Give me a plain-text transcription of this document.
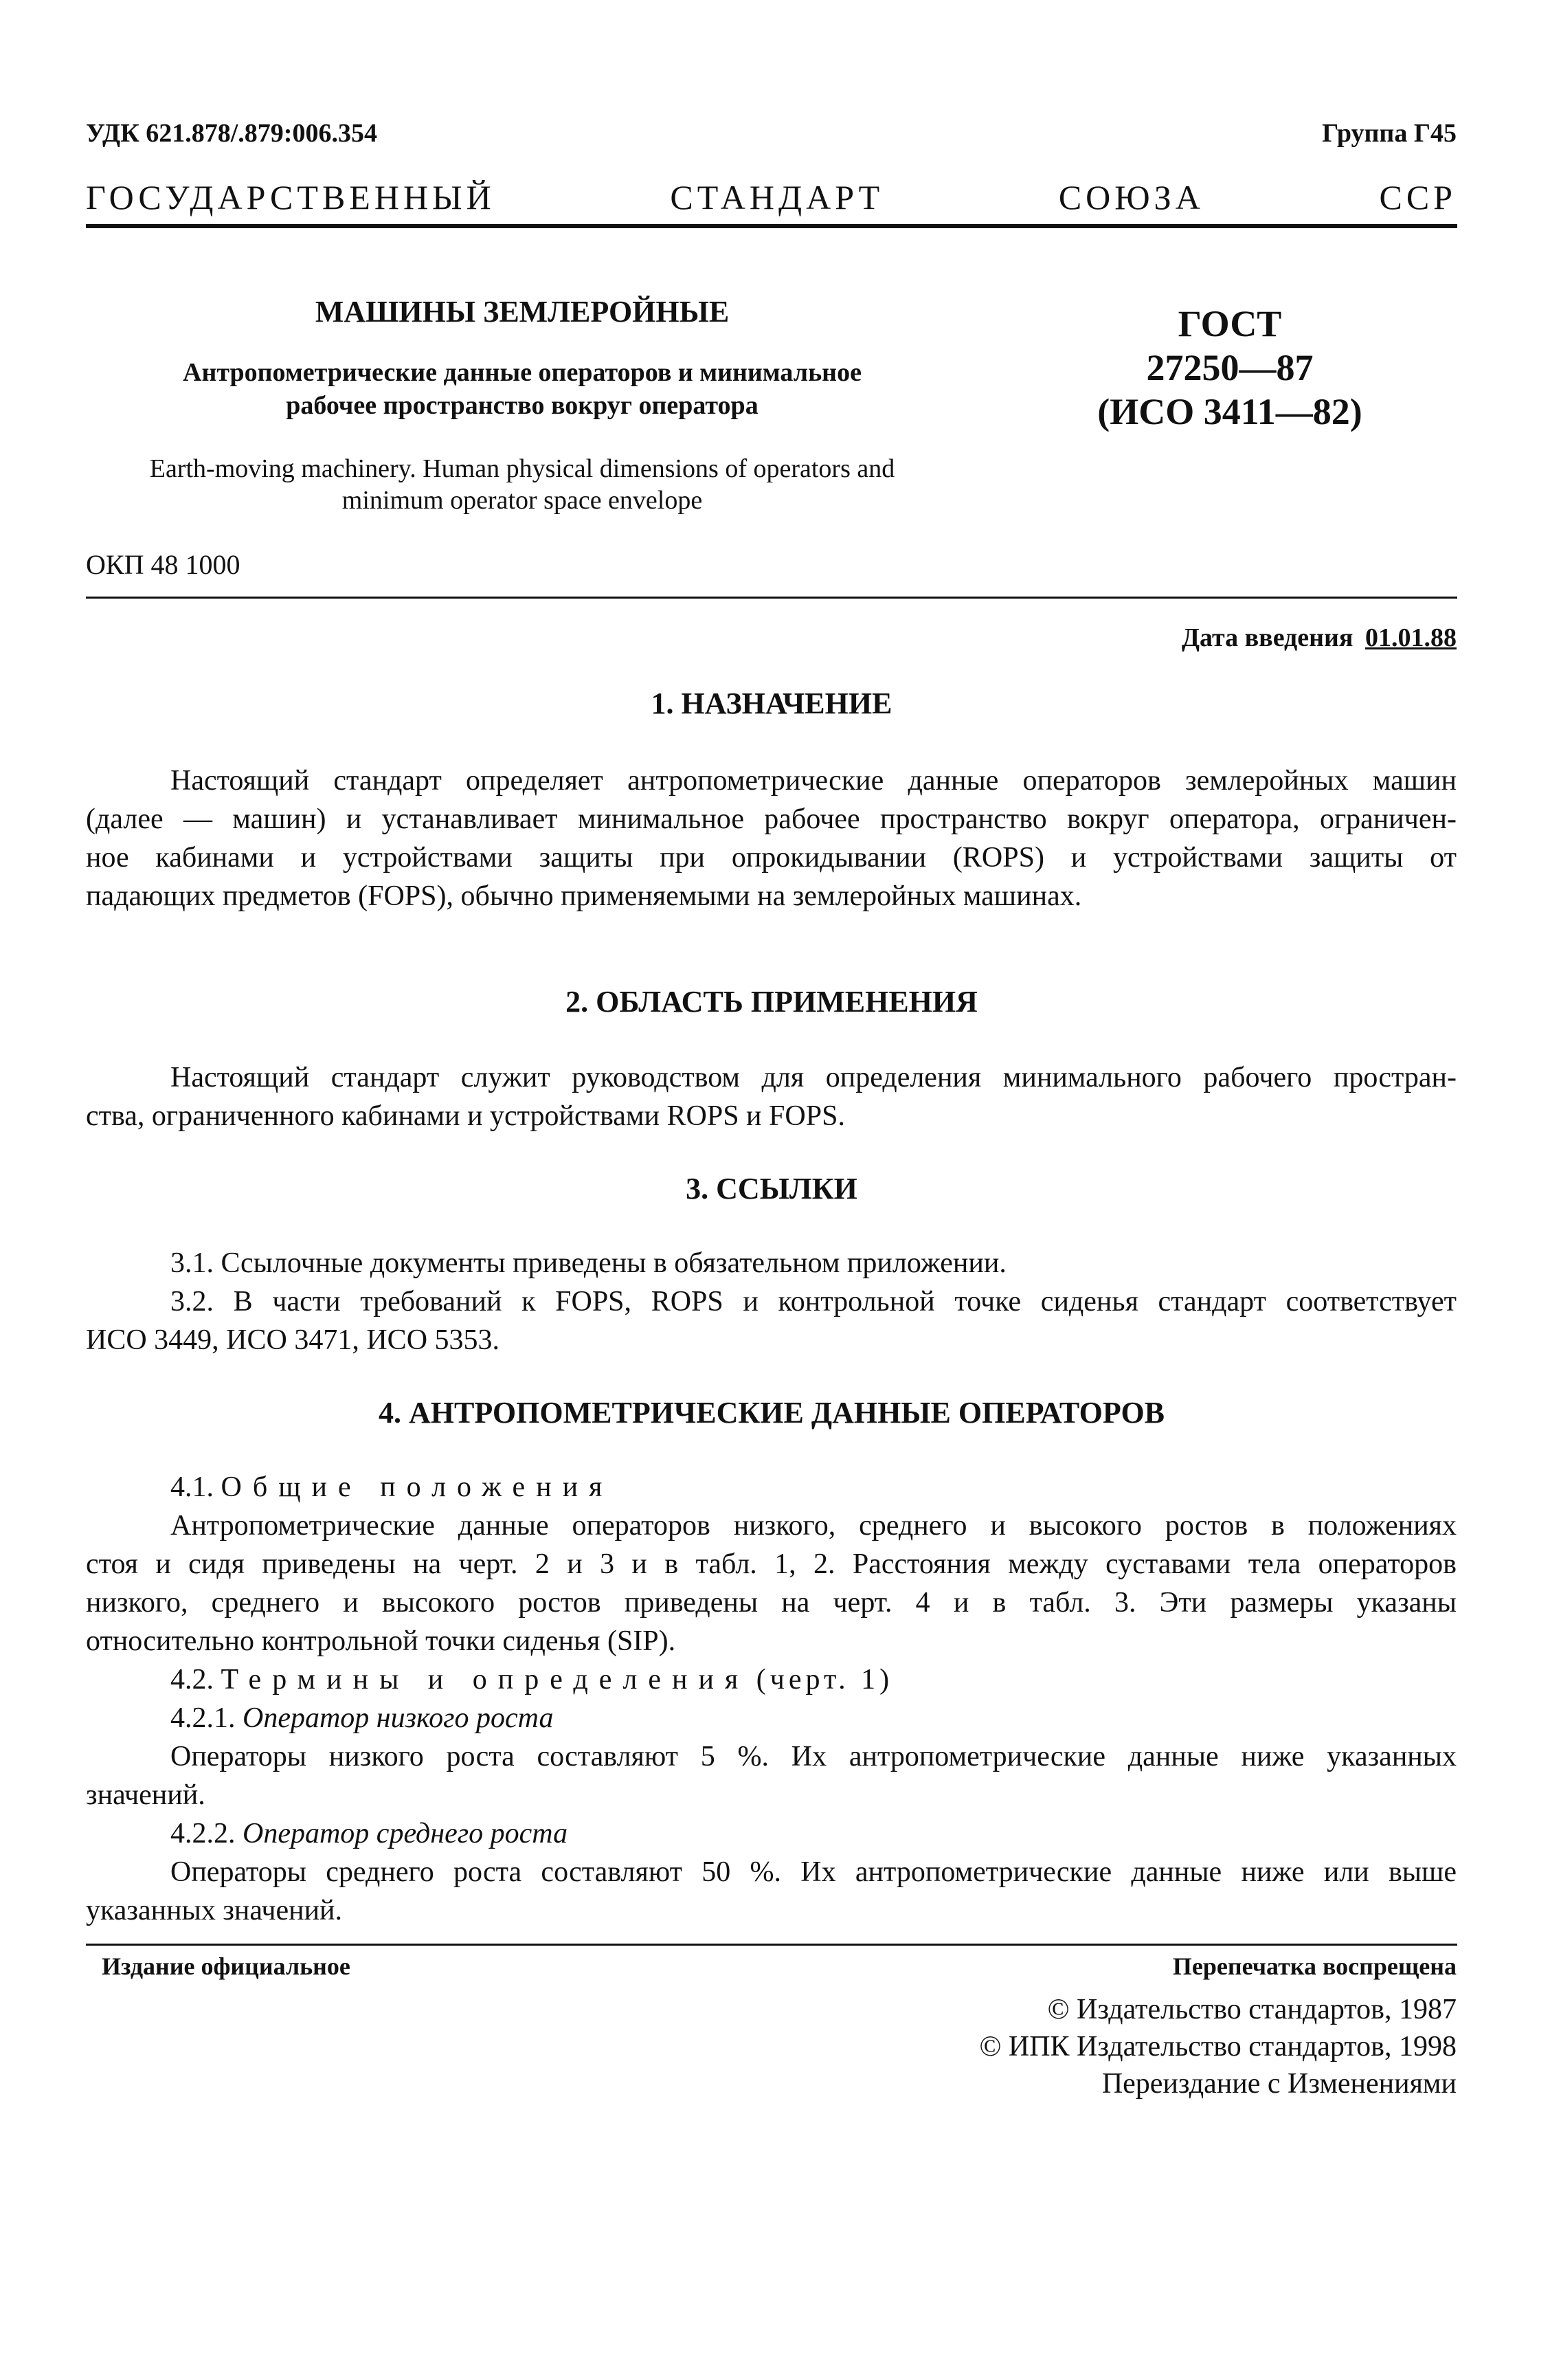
УДК 621.878/.879:006.354	Группа Г45
ГОСУДАРСТВЕННЫЙ СТАНДАРТ СОЮЗА ССР
МАШИНЫ ЗЕМЛЕРОЙНЫЕ
Антропометрические данные операторов и минимальное
рабочее пространство вокруг оператора
Earth-moving machinery. Human physical dimensions of operators and
minimum operator space envelope
ОКП 48 1000
ГОСТ
27250—87
(ИСО 3411—82)
Дата введения 01.01.88
1. НАЗНАЧЕНИЕ
Настоящий стандарт определяет антропометрические данные операторов землеройных машин
(далее — машин) и устанавливает минимальное рабочее пространство вокруг оператора, ограничен-
ное кабинами и устройствами защиты при опрокидывании (ROPS) и устройствами защиты от
падающих предметов (FOPS), обычно применяемыми на землеройных машинах.
2. ОБЛАСТЬ ПРИМЕНЕНИЯ
Настоящий стандарт служит руководством для определения минимального рабочего простран-
ства, ограниченного кабинами и устройствами ROPS и FOPS.
3. ССЫЛКИ
3.1. Ссылочные документы приведены в обязательном приложении.
3.2. В части требований к FOPS, ROPS и контрольной точке сиденья стандарт соответствует
ИСО 3449, ИСО 3471, ИСО 5353.
4. АНТРОПОМЕТРИЧЕСКИЕ ДАННЫЕ ОПЕРАТОРОВ
4.1. Общие положения
Антропометрические данные операторов низкого, среднего и высокого ростов в положениях
стоя и сидя приведены на черт. 2 и 3 и в табл. 1, 2. Расстояния между суставами тела операторов
низкого, среднего и высокого ростов приведены на черт. 4 и в табл. 3. Эти размеры указаны
относительно контрольной точки сиденья (SIP).
4.2. Термины и определения (черт. 1)
4.2.1. Оператор низкого роста
Операторы низкого роста составляют 5 %. Их антропометрические данные ниже указанных
значений.
4.2.2. Оператор среднего роста
Операторы среднего роста составляют 50 %. Их антропометрические данные ниже или выше
указанных значений.
Издание официальное	Перепечатка воспрещена
© Издательство стандартов, 1987
© ИПК Издательство стандартов, 1998
Переиздание с Изменениями
